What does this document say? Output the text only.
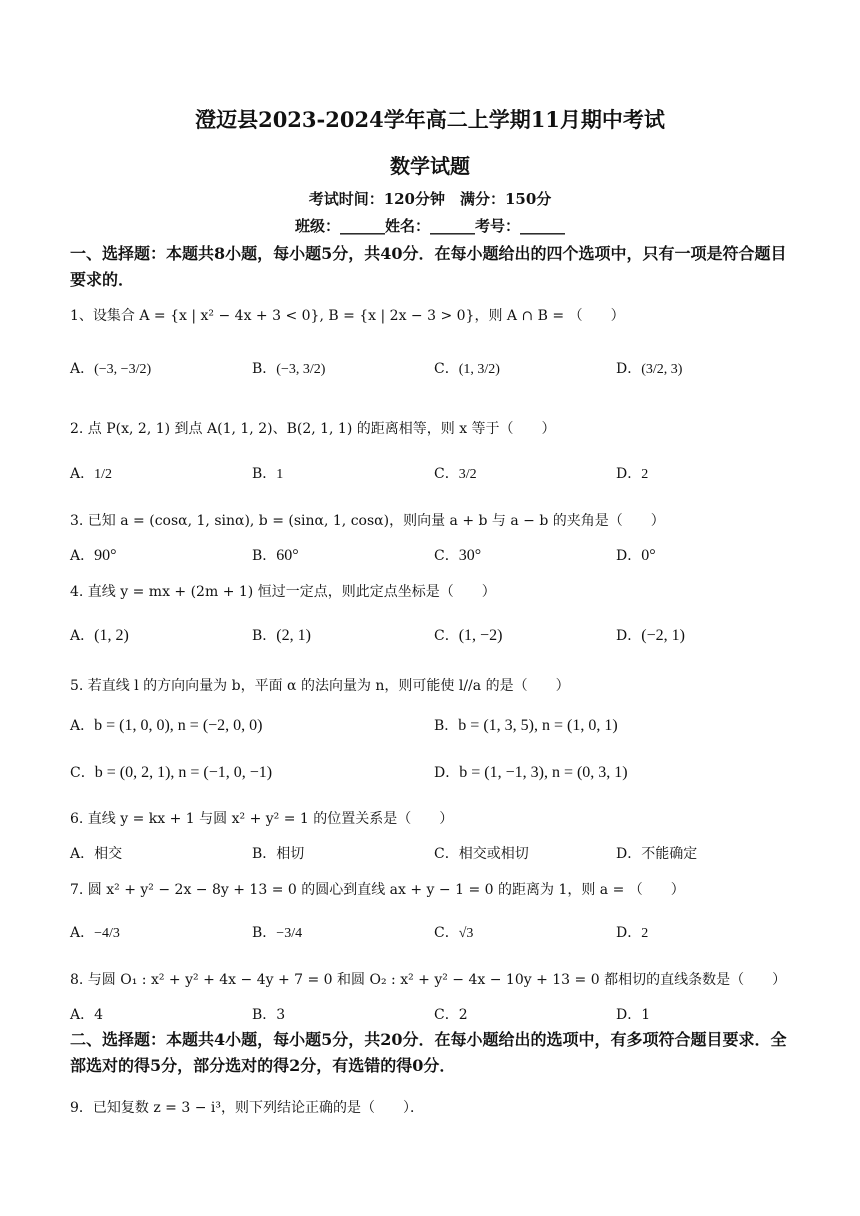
澄迈县2023-2024学年高二上学期11月期中考试
数学试题
考试时间：120分钟　满分：150分
班级：______姓名：______考号：______
一、选择题：本题共8小题，每小题5分，共40分．在每小题给出的四个选项中，只有一项是符合题目要求的．
1、设集合 A = {x | x² − 4x + 3 < 0}, B = {x | 2x − 3 > 0}，则 A ∩ B = （　　）
A．(−3, −3/2)	B．(−3, 3/2)	C．(1, 3/2)	D．(3/2, 3)
2. 点 P(x, 2, 1) 到点 A(1, 1, 2)、B(2, 1, 1) 的距离相等，则 x 等于（　　）
A．1/2	B．1	C．3/2	D．2
3. 已知 a = (cosα, 1, sinα), b = (sinα, 1, cosα)，则向量 a + b 与 a − b 的夹角是（　　）
A．90°	B．60°	C．30°	D．0°
4. 直线 y = mx + (2m + 1) 恒过一定点，则此定点坐标是（　　）
A．(1, 2)	B．(2, 1)	C．(1, −2)	D．(−2, 1)
5. 若直线 l 的方向向量为 b，平面 α 的法向量为 n，则可能使 l//a 的是（　　）
A．b = (1, 0, 0), n = (−2, 0, 0)	B．b = (1, 3, 5), n = (1, 0, 1)
C．b = (0, 2, 1), n = (−1, 0, −1)	D．b = (1, −1, 3), n = (0, 3, 1)
6. 直线 y = kx + 1 与圆 x² + y² = 1 的位置关系是（　　）
A．相交	B．相切	C．相交或相切	D．不能确定
7. 圆 x² + y² − 2x − 8y + 13 = 0 的圆心到直线 ax + y − 1 = 0 的距离为 1，则 a = （　　）
A．−4/3	B．−3/4	C．√3	D．2
8. 与圆 O₁ : x² + y² + 4x − 4y + 7 = 0 和圆 O₂ : x² + y² − 4x − 10y + 13 = 0 都相切的直线条数是（　　）
A．4	B．3	C．2	D．1
二、选择题：本题共4小题，每小题5分，共20分．在每小题给出的选项中，有多项符合题目要求．全部选对的得5分，部分选对的得2分，有选错的得0分．
9．已知复数 z = 3 − i³，则下列结论正确的是（　　）．
